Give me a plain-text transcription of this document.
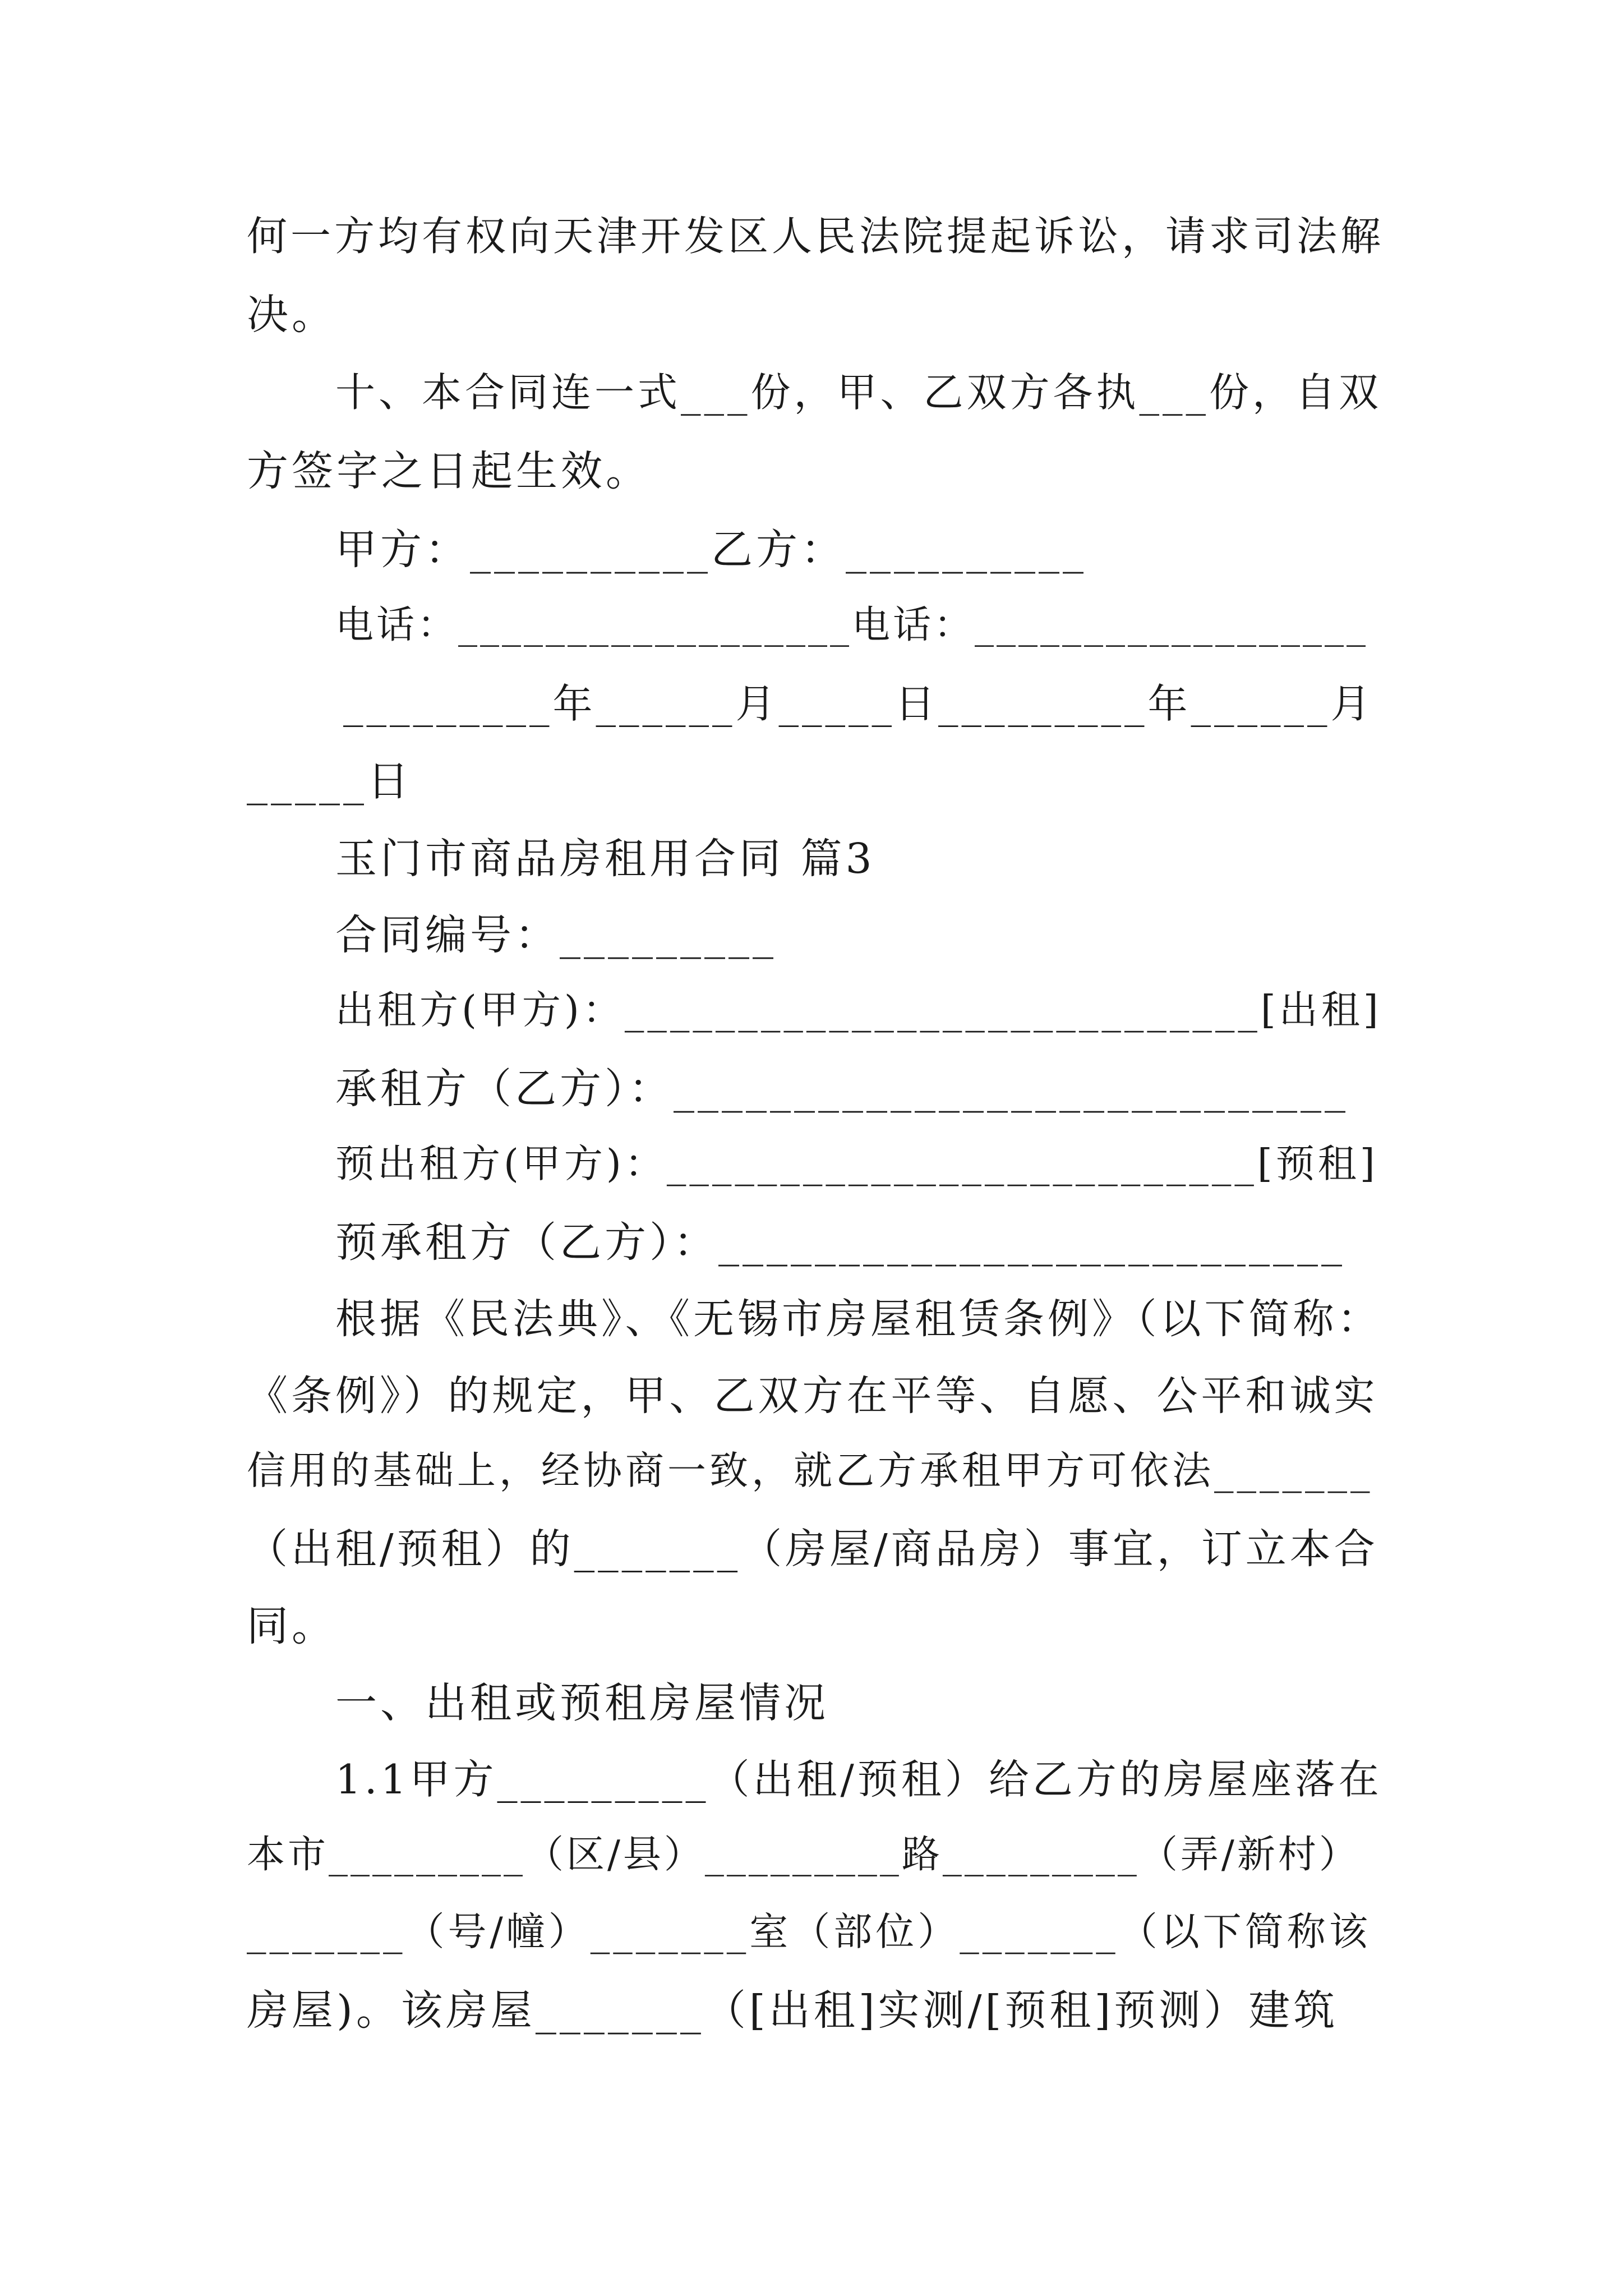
何一方均有权向天津开发区人民法院提起诉讼，请求司法解
决。
十、本合同连一式___份，甲、乙双方各执___份，自双
方签字之日起生效。
甲方：__________乙方：__________
电话：__________________电话：__________________
_________年______月_____日_________年______月
_____日
玉门市商品房租用合同 篇3
合同编号：_________
出租方(甲方)：____________________________[出租]
承租方（乙方）：____________________________
预出租方(甲方)：__________________________[预租]
预承租方（乙方）：__________________________
根据《民法典》、《无锡市房屋租赁条例》（以下简称：
《条例》）的规定，甲、乙双方在平等、自愿、公平和诚实
信用的基础上，经协商一致，就乙方承租甲方可依法_______
（出租/预租）的_______（房屋/商品房）事宜，订立本合
同。
一、出租或预租房屋情况
1.1甲方_________（出租/预租）给乙方的房屋座落在
本市_________（区/县）_________路_________（弄/新村）
_______（号/幢）_______室（部位）_______（以下简称该
房屋)。该房屋_______（[出租]实测/[预租]预测）建筑
